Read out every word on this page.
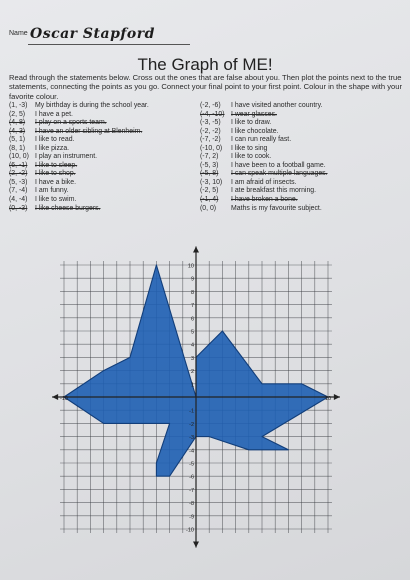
Name Oscar Stapford
The Graph of ME!
Read through the statements below. Cross out the ones that are false about you. Then plot the points next to the true statements, connecting the points as you go. Connect your final point to your first point. Colour in the shape with your favorite colour.
(1, -3) My birthday is during the school year.
(2, 5) I have a pet.
(4, 8) I play on a sports team.
(4, 3) I have an older sibling at Blenheim.
(5, 1) I like to read.
(8, 1) I like pizza.
(10, 0) I play an instrument.
(6, -1) I like to sleep.
(2, -2) I like to shop.
(5, -3) I have a bike.
(7, -4) I am funny.
(4, -4) I like to swim.
(0, -3) I like cheese burgers.
(-2, -6) I have visited another country.
(-4, -10) I wear glasses.
(-3, -5) I like to draw.
(-2, -2) I like chocolate.
(-7, -2) I can run really fast.
(-10, 0) I like to sing
(-7, 2) I like to cook.
(-5, 3) I have been to a football game.
(-5, 8) I can speak multiple languages.
(-3, 10) I am afraid of insects.
(-2, 5) I ate breakfast this morning.
(-1, 4) I have broken a bone.
(0, 0) Maths is my favourite subject.
10
9
8
7
6
5
4
3
2
1
-1
-2
-3
-4
-5
-6
-7
-8
-9
-10
-10	10
